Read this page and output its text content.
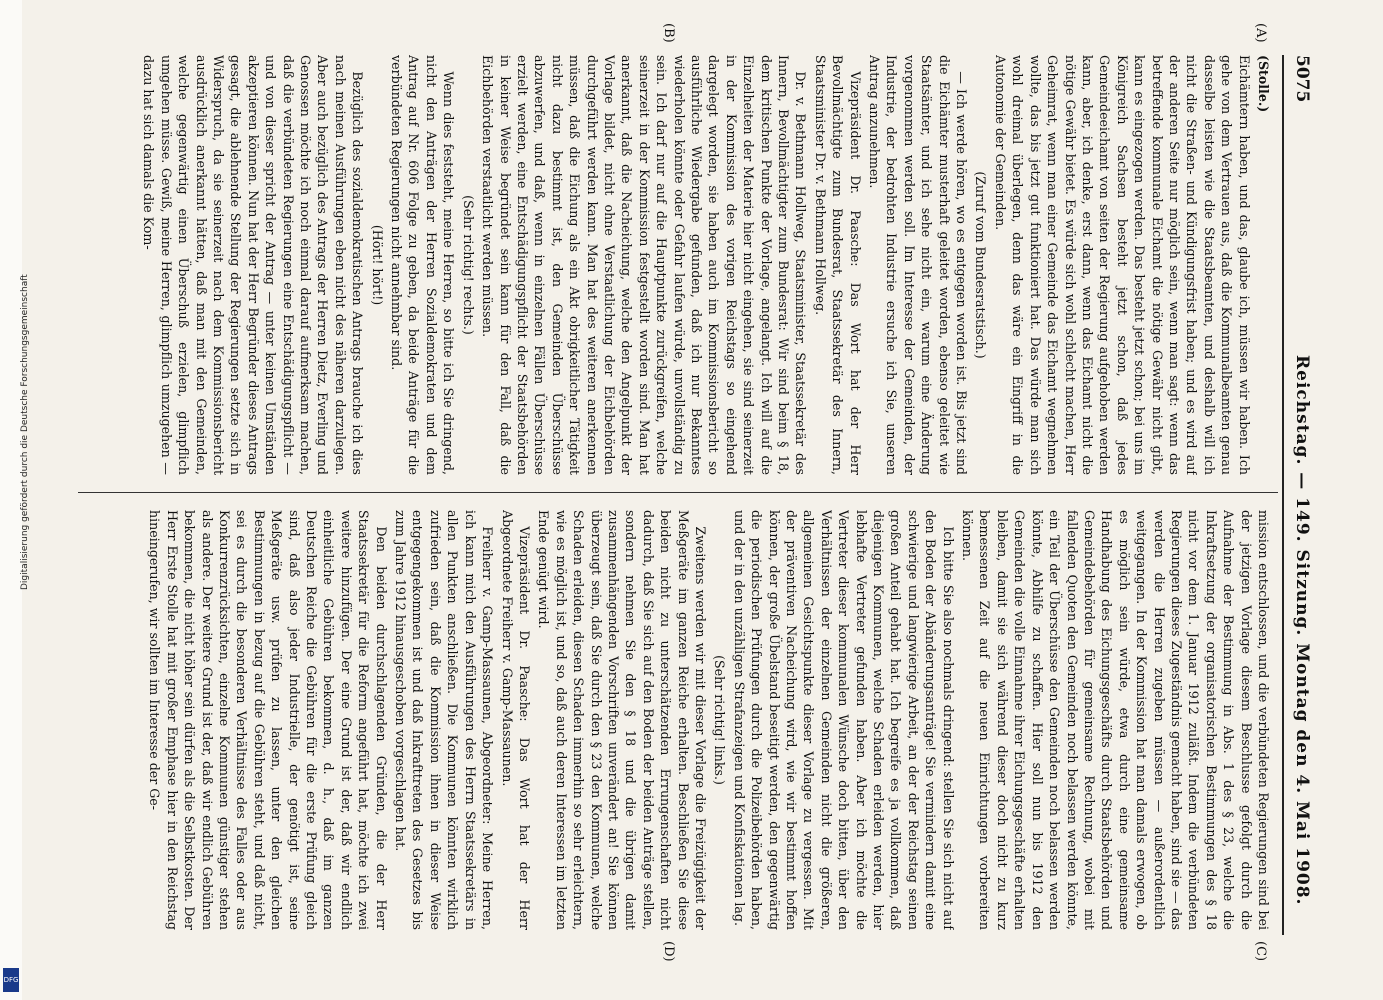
5075
Reichstag. — 149. Sitzung. Montag den 4. Mai 1908.

(Stolle.)

Eichämtern haben, und das, glaube ich, müssen wir haben. Ich gehe von dem Vertrauen aus, daß die Kommunalbeamten genau dasselbe leisten wie die Staatsbeamten, und deshalb will ich nicht die Straßen- und Kündigungsfrist haben; und es wird auf der anderen Seite nur möglich sein, wenn man sagt: wenn das betreffende kommunale Eichamt die nötige Gewähr nicht gibt, kann es eingezogen werden. Das besteht jetzt schon; bei uns im Königreich Sachsen besteht jetzt schon, daß jedes Gemeindeeichamt von seiten der Regierung aufgehoben werden kann, aber, ich denke, erst dann, wenn das Eichamt nicht die nötige Gewähr bietet. Es würde sich wohl schlecht machen, Herr Geheimrat, wenn man einer Gemeinde das Eichamt wegnehmen wollte, das bis jetzt gut funktioniert hat. Das würde man sich wohl dreimal überlegen, denn das wäre ein Eingriff in die Autonomie der Gemeinden.

(Zuruf vom Bundesratstisch.)

— Ich werde hören, wo es entgegen worden ist. Bis jetzt sind die Eichämter musterhaft geleitet worden, ebenso geleitet wie Staatsämter, und ich sehe nicht ein, warum eine Änderung vorgenommen werden soll. Im Interesse der Gemeinden, der Industrie, der bedrohten Industrie ersuche ich Sie, unseren Antrag anzunehmen.

Vizepräsident Dr. Paasche: Das Wort hat der Herr Bevollmächtigte zum Bundesrat, Staatssekretär des Innern, Staatsminister Dr. v. Bethmann Hollweg.

Dr. v. Bethmann Hollweg, Staatsminister, Staatssekretär des Innern, Bevollmächtigter zum Bundesrat: Wir sind beim § 18, dem kritischen Punkte der Vorlage, angelangt. Ich will auf die Einzelheiten der Materie hier nicht eingehen, sie sind seinerzeit in der Kommission des vorigen Reichstags so eingehend dargelegt worden, sie haben auch im Kommissionsbericht so ausführliche Wiedergabe gefunden, daß ich nur Bekanntes wiederholen könnte oder Gefahr laufen würde, unvollständig zu sein. Ich darf nur auf die Hauptpunkte zurückgreifen, welche seinerzeit in der Kommission festgestellt worden sind. Man hat anerkannt, daß die Nacheichung, welche den Angelpunkt der Vorlage bildet, nicht ohne Verstaatlichung der Eichbehörden durchgeführt werden kann. Man hat des weiteren anerkennen müssen, daß die Eichung als ein Akt obrigkeitlicher Tätigkeit nicht dazu bestimmt ist, den Gemeinden Überschüsse abzuwerfen, und daß, wenn in einzelnen Fällen Überschüsse erzielt werden, eine Entschädigungspflicht der Staatsbehörden in keiner Weise begründet sein kann für den Fall, daß die Eichbehörden verstaatlicht werden müssen.

(Sehr richtig! rechts.)

Wenn dies feststeht, meine Herren, so bitte ich Sie dringend, nicht den Anträgen der Herren Sozialdemokraten und dem Antrag auf Nr. 606 Folge zu geben, da beide Anträge für die verbündeten Regierungen nicht annehmbar sind.

(Hört! hört!)

Bezüglich des sozialdemokratischen Antrags brauche ich dies nach meinen Ausführungen eben nicht des näheren darzulegen. Aber auch bezüglich des Antrags der Herren Dietz, Everling und Genossen möchte ich noch einmal darauf aufmerksam machen, daß die verbündeten Regierungen eine Entschädigungspflicht — und von dieser spricht der Antrag — unter keinen Umständen akzeptieren können. Nun hat der Herr Begründer dieses Antrags gesagt, die ablehnende Stellung der Regierungen setzte sich in Widerspruch, da sie seinerzeit nach dem Kommissionsbericht ausdrücklich anerkannt hätten, daß man mit den Gemeinden, welche gegenwärtig einen Überschuß erzielen, glimpflich umgehen müsse. Gewiß, meine Herren, glimpflich umzugehen — dazu hat sich damals die Kom-

mission entschlossen, und die verbündeten Regierungen sind bei der jetzigen Vorlage diesem Beschlusse gefolgt durch die Aufnahme der Bestimmung in Abs. 1 des § 23, welche die Inkraftsetzung der organisatorischen Bestimmungen des § 18 nicht vor dem 1. Januar 1912 zuläßt. Indem die verbündeten Regierungen dieses Zugeständnis gemacht haben, sind sie — das werden die Herren zugeben müssen — außerordentlich weitgegangen. In der Kommission hat man damals erwogen, ob es möglich sein würde, etwa durch eine gemeinsame Handhabung des Eichungsgeschäfts durch Staatsbehörden und Gemeindebehörden für gemeinsame Rechnung, wobei mit fallenden Quoten den Gemeinden noch belassen werden könnte, ein Teil der Überschüsse den Gemeinden noch belassen werden könnte, Abhilfe zu schaffen. Hier soll nun bis 1912 den Gemeinden die volle Einnahme ihrer Eichungsgeschäfte erhalten bleiben, damit sie sich während dieser doch nicht zu kurz bemessenen Zeit auf die neuen Einrichtungen vorbereiten können.

Ich bitte Sie also nochmals dringend: stellen Sie sich nicht auf den Boden der Abänderungsanträge! Sie vermindern damit eine schwierige und langwierige Arbeit, an der der Reichstag seinen großen Anteil gehabt hat. Ich begreife es ja vollkommen, daß diejenigen Kommunen, welche Schaden erleiden werden, hier lebhafte Vertreter gefunden haben. Aber ich möchte die Vertreter dieser kommunalen Wünsche doch bitten, über den Verhältnissen der einzelnen Gemeinden nicht die größeren, allgemeinen Gesichtspunkte dieser Vorlage zu vergessen. Mit der präventiven Nacheichung wird, wie wir bestimmt hoffen können, der große Übelstand beseitigt werden, den gegenwärtig die periodischen Prüfungen durch die Polizeibehörden haben, und der in den unzähligen Strafanzeigen und Konfiskationen lag.

(Sehr richtig! links.)

Zweitens werden wir mit dieser Vorlage die Freizügigkeit der Meßgeräte im ganzen Reiche erhalten. Beschließen Sie diese beiden nicht zu unterschätzenden Errungenschaften nicht dadurch, daß Sie sich auf den Boden der beiden Anträge stellen, sondern nehmen Sie den § 18 und die übrigen damit zusammenhängenden Vorschriften unverändert an! Sie können überzeugt sein, daß Sie durch den § 23 den Kommunen, welche Schaden erleiden, diesen Schaden immerhin so sehr erleichtern, wie es möglich ist, und so, daß auch deren Interessen im letzten Ende genügt wird.

Vizepräsident Dr. Paasche: Das Wort hat der Herr Abgeordnete Freiherr v. Gamp-Massaunen.

Freiherr v. Gamp-Massaunen, Abgeordneter: Meine Herren, ich kann mich den Ausführungen des Herrn Staatssekretärs in allen Punkten anschließen. Die Kommunen könnten wirklich zufrieden sein, daß die Kommission ihnen in dieser Weise entgegengekommen ist und daß Inkrafttreten des Gesetzes bis zum Jahre 1912 hinausgeschoben vorgeschlagen hat.

Den beiden durchschlagenden Gründen, die der Herr Staatssekretär für die Reform angeführt hat, möchte ich zwei weitere hinzufügen. Der eine Grund ist der, daß wir endlich einheitliche Gebühren bekommen, d. h., daß im ganzen Deutschen Reiche die Gebühren für die erste Prüfung gleich sind, daß also jeder Industrielle, der genötigt ist, seine Meßgeräte usw. prüfen zu lassen, unter den gleichen Bestimmungen in bezug auf die Gebühren steht, und daß nicht, sei es durch die besonderen Verhältnisse des Falles oder aus Konkurrenzrücksichten, einzelne Kommunen günstiger stehen als andere. Der weitere Grund ist der, daß wir endlich Gebühren bekommen, die nicht höher sein dürfen als die Selbstkosten. Der Herr Erste Stolle hat mit großer Emphase hier in den Reichstag hineingerufen, wir sollten im Interesse der Ge-

(C)
(D)
(A)
(B)
Digitalisierung gefördert durch die Deutsche Forschungsgemeinschaft
DFG
